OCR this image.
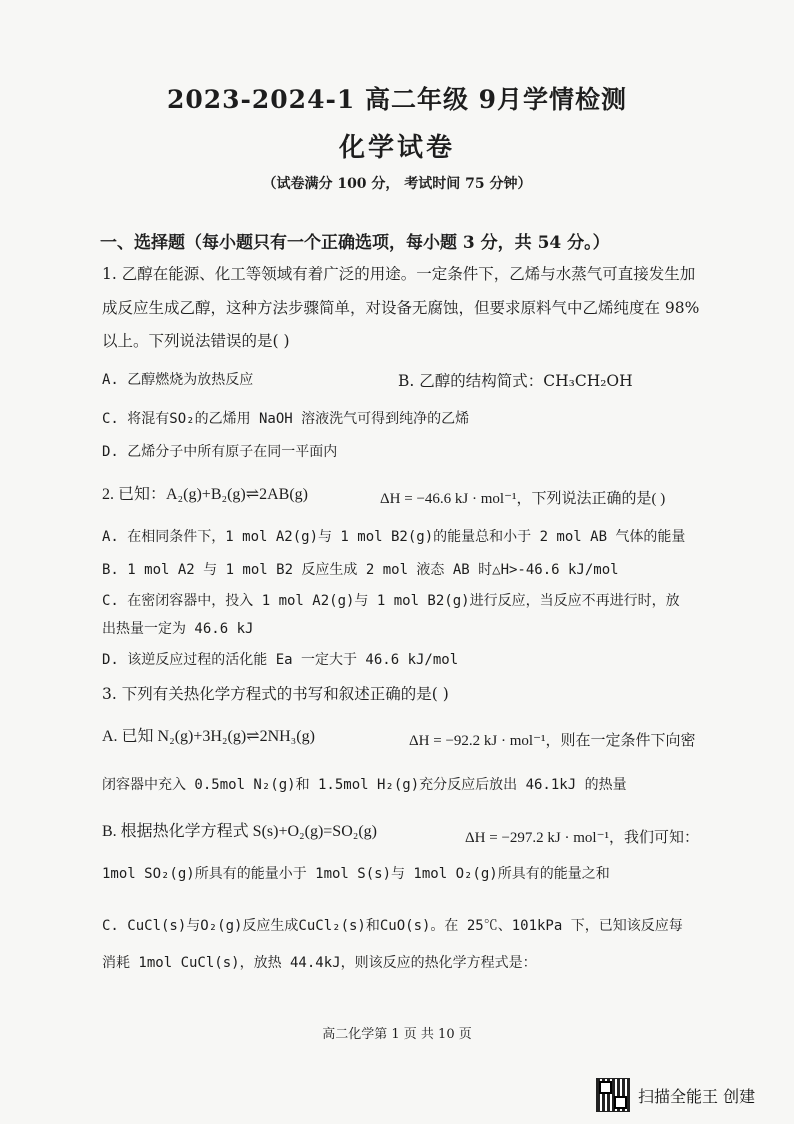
2023-2024-1 高二年级 9月学情检测
化学试卷
（试卷满分 100 分， 考试时间 75 分钟）
一、选择题（每小题只有一个正确选项，每小题 3 分，共 54 分。）
1. 乙醇在能源、化工等领域有着广泛的用途。一定条件下，乙烯与水蒸气可直接发生加
成反应生成乙醇，这种方法步骤简单，对设备无腐蚀，但要求原料气中乙烯纯度在 98%
以上。下列说法错误的是( )
A. 乙醇燃烧为放热反应	B. 乙醇的结构简式：CH₃CH₂OH
C. 将混有SO₂的乙烯用 NaOH 溶液洗气可得到纯净的乙烯
D. 乙烯分子中所有原子在同一平面内
2. 已知：A₂(g)+B₂(g)⇌2AB(g)	ΔH = −46.6 kJ · mol⁻¹，下列说法正确的是( )
A. 在相同条件下，1 mol A2(g)与 1 mol B2(g)的能量总和小于 2 mol AB 气体的能量
B. 1 mol A2 与 1 mol B2 反应生成 2 mol 液态 AB 时△H>-46.6 kJ/mol
C. 在密闭容器中，投入 1 mol A2(g)与 1 mol B2(g)进行反应，当反应不再进行时，放
出热量一定为 46.6 kJ
D. 该逆反应过程的活化能 Ea 一定大于 46.6 kJ/mol
3. 下列有关热化学方程式的书写和叙述正确的是( )
A. 已知 N₂(g)+3H₂(g)⇌2NH₃(g)	ΔH = −92.2 kJ · mol⁻¹，则在一定条件下向密
闭容器中充入 0.5mol N₂(g)和 1.5mol H₂(g)充分反应后放出 46.1kJ 的热量
B. 根据热化学方程式 S(s)+O₂(g)=SO₂(g)	ΔH = −297.2 kJ · mol⁻¹，我们可知：
1mol SO₂(g)所具有的能量小于 1mol S(s)与 1mol O₂(g)所具有的能量之和
C. CuCl(s)与O₂(g)反应生成CuCl₂(s)和CuO(s)。在 25℃、101kPa 下，已知该反应每
消耗 1mol CuCl(s)，放热 44.4kJ，则该反应的热化学方程式是：
高二化学第 1 页 共 10 页
扫描全能王 创建
